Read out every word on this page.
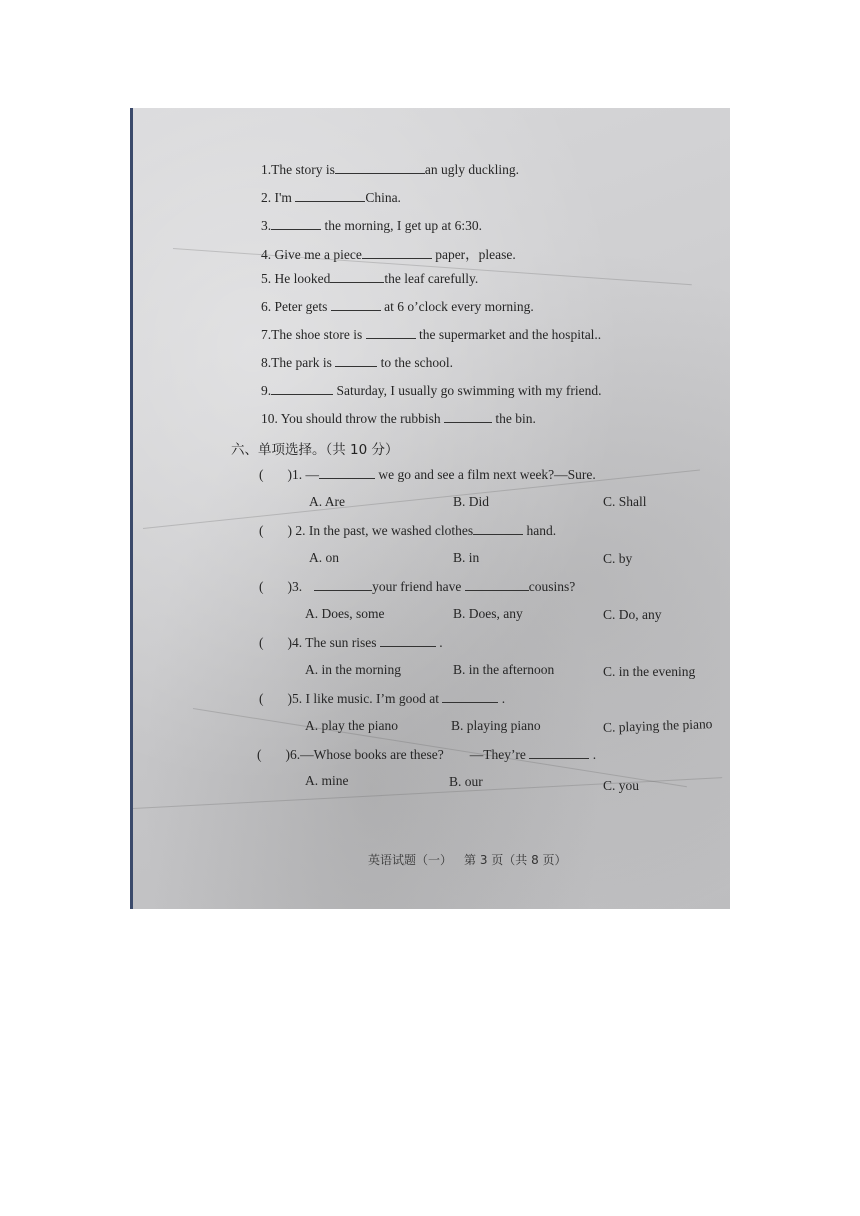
1.The story is	an ugly duckling.
2. I'm	China.
3.	the morning, I get up at 6:30.
4. Give me a piece	paper，please.
5. He looked	the leaf carefully.
6. Peter gets	at 6 o’clock every morning.
7.The shoe store is	the supermarket and the hospital..
8.The park is	to the school.
9.	Saturday, I usually go swimming with my friend.
10. You should throw the rubbish	the bin.
六、单项选择。（共 10 分）
( )1. —	we go and see a film next week?—Sure.
A. Are	B. Did	C. Shall
( ) 2. In the past, we washed clothes	hand.
A. on	B. in	C. by
( )3.	your friend have	cousins?
A. Does, some	B. Does, any	C. Do, any
( )4. The sun rises	.
A. in the morning	B. in the afternoon	C. in the evening
( )5. I like music. I’m good at	.
A. play the piano	B. playing piano	C. playing the piano
( )6.—Whose books are these? —They’re	.
A. mine	B. our	C. you
英语试题（一） 第 3 页（共 8 页）
